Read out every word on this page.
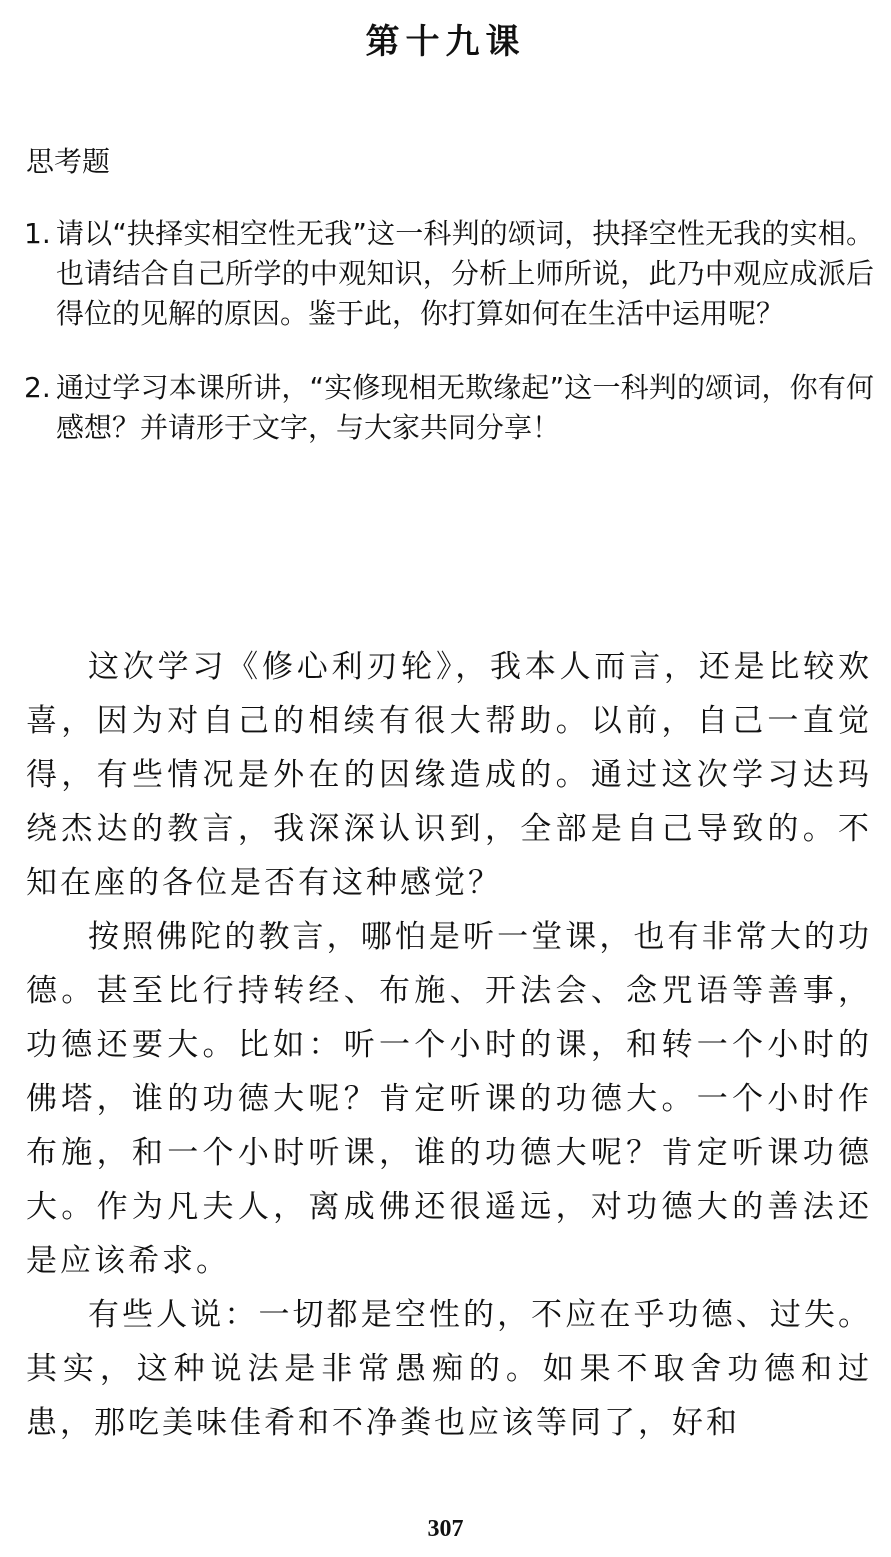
第十九课
思考题
1. 请以“抉择实相空性无我”这一科判的颂词，抉择空性无我的实相。也请结合自己所学的中观知识，分析上师所说，此乃中观应成派后得位的见解的原因。鉴于此，你打算如何在生活中运用呢？
2. 通过学习本课所讲，“实修现相无欺缘起”这一科判的颂词，你有何感想？并请形于文字，与大家共同分享！

这次学习《修心利刃轮》，我本人而言，还是比较欢喜，因为对自己的相续有很大帮助。以前，自己一直觉得，有些情况是外在的因缘造成的。通过这次学习达玛绕杰达的教言，我深深认识到，全部是自己导致的。不知在座的各位是否有这种感觉？

按照佛陀的教言，哪怕是听一堂课，也有非常大的功德。甚至比行持转经、布施、开法会、念咒语等善事，功德还要大。比如：听一个小时的课，和转一个小时的佛塔，谁的功德大呢？肯定听课的功德大。一个小时作布施，和一个小时听课，谁的功德大呢？肯定听课功德大。作为凡夫人，离成佛还很遥远，对功德大的善法还是应该希求。

有些人说：一切都是空性的，不应在乎功德、过失。其实，这种说法是非常愚痴的。如果不取舍功德和过患，那吃美味佳肴和不净粪也应该等同了，好和

307
